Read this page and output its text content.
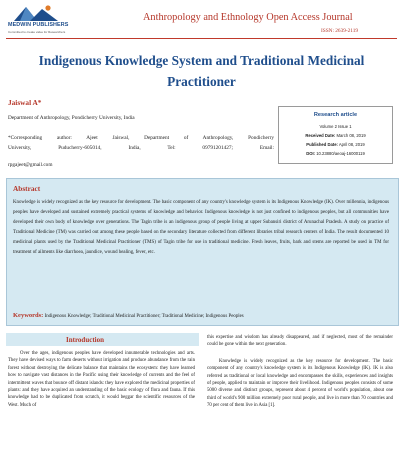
MEDWIN PUBLISHERS
Committed to create value for Researchers
Anthropology and Ethnology Open Access Journal
ISSN: 2639-2119
Indigenous Knowledge System and Traditional Medicinal
Practitioner
Jaiswal A*
Department of Anthropology, Pondicherry University, India
*Corresponding author: Ajeet Jaiswal, Department of Anthropology, Pondicherry
University, Puducherry-605014, India, Tel: 09791201427; Email:
rpgajeet@gmail.com
Research article
Volume 2 Issue 1
Received Date: March 08, 2019
Published Date: April 08, 2019
DOI: 10.23880/aeoaj-16000119
Abstract
Knowledge is widely recognized as the key resource for development. The basic component of any country's knowledge system is its Indigenous Knowledge (IK). Over millennia, indigenous peoples have developed and sustained extremely practical systems of knowledge and behavior. Indigenous knowledge is not just confined to indigenous peoples, but all communities have developed their own body of knowledge over generations. The Tagin tribe is an indigenous group of people living at upper Subansiri district of Arunachal Pradesh. A study on practice of Traditional Medicine (TM) was carried out among these people based on the secondary literature collected from different libraries tribal research centers of India. The result documented 10 medicinal plants used by the Traditional Medicinal Practitioner (TMS) of Tagin tribe for use in traditional medicine. Fresh leaves, fruits, bark and stems are reported be used in TM for treatment of ailments like diarrhoea, jaundice, wound healing, fever, etc.
Keywords: Indigenous Knowledge; Traditional Medicinal Practitioner; Traditional Medicine; Indigenous Peoples
Introduction

Over the ages, indigenous peoples have developed innumerable technologies and arts. They have devised ways to farm deserts without irrigation and produce abundance from the rain forest without destroying the delicate balance that maintains the ecosystem: they have learned how to navigate vast distances in the Pacific using their knowledge of currents and the feel of intermittent waves that bounce off distant islands: they have explored the medicinal properties of plants: and they have acquired an understanding of the basic ecology of flora and fauna. If this knowledge had to be duplicated from scratch, it would beggar the scientific resources of the West. Much of

this expertise and wisdom has already disappeared, and if neglected, most of the remainder could be gone within the next generation.

Knowledge is widely recognized as the key resource for development. The basic component of any country's knowledge system is its Indigenous Knowledge (IK). IK is also referred as traditional or local knowledge and encompasses the skills, experiences and insights of people, applied to maintain or improve their livelihood. Indigenous peoples consists of some 5000 diverse and distinct groups, represent about 4 percent of world's population, about one third of world's 900 million extremely poor rural people, and live in more than 70 countries and 70 per cent of them live in Asia [1].
